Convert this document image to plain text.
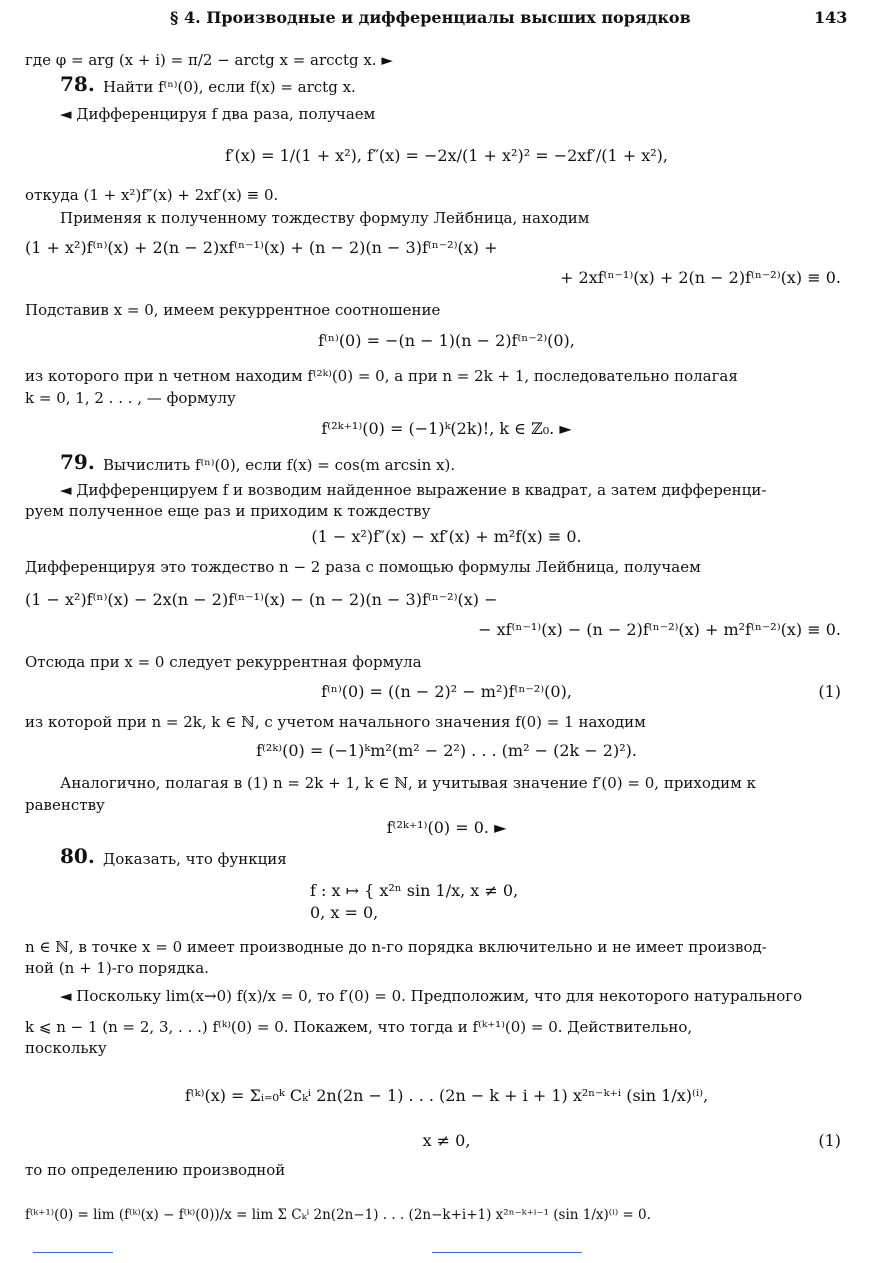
§ 4. Производные и дифференциалы высших порядков	143
где φ = arg (x + i) = π/2 − arctg x = arcctg x. ►
78. Найти f⁽ⁿ⁾(0), если f(x) = arctg x.
◄ Дифференцируя f два раза, получаем
f′(x) = 1/(1 + x²), f″(x) = −2x/(1 + x²)² = −2xf′/(1 + x²),
откуда (1 + x²)f″(x) + 2xf′(x) ≡ 0.
Применяя к полученному тождеству формулу Лейбница, находим
(1 + x²)f⁽ⁿ⁾(x) + 2(n − 2)xf⁽ⁿ⁻¹⁾(x) + (n − 2)(n − 3)f⁽ⁿ⁻²⁾(x) +
+ 2xf⁽ⁿ⁻¹⁾(x) + 2(n − 2)f⁽ⁿ⁻²⁾(x) ≡ 0.
Подставив x = 0, имеем рекуррентное соотношение
f⁽ⁿ⁾(0) = −(n − 1)(n − 2)f⁽ⁿ⁻²⁾(0),
из которого при n четном находим f⁽²ᵏ⁾(0) = 0, а при n = 2k + 1, последовательно полагая
k = 0, 1, 2 . . . , — формулу
f⁽²ᵏ⁺¹⁾(0) = (−1)ᵏ(2k)!, k ∈ ℤ₀. ►
79. Вычислить f⁽ⁿ⁾(0), если f(x) = cos(m arcsin x).
◄ Дифференцируем f и возводим найденное выражение в квадрат, а затем дифференци-
руем полученное еще раз и приходим к тождеству
(1 − x²)f″(x) − xf′(x) + m²f(x) ≡ 0.
Дифференцируя это тождество n − 2 раза с помощью формулы Лейбница, получаем
(1 − x²)f⁽ⁿ⁾(x) − 2x(n − 2)f⁽ⁿ⁻¹⁾(x) − (n − 2)(n − 3)f⁽ⁿ⁻²⁾(x) −
− xf⁽ⁿ⁻¹⁾(x) − (n − 2)f⁽ⁿ⁻²⁾(x) + m²f⁽ⁿ⁻²⁾(x) ≡ 0.
Отсюда при x = 0 следует рекуррентная формула
f⁽ⁿ⁾(0) = ((n − 2)² − m²)f⁽ⁿ⁻²⁾(0),	(1)
из которой при n = 2k, k ∈ ℕ, с учетом начального значения f(0) = 1 находим
f⁽²ᵏ⁾(0) = (−1)ᵏm²(m² − 2²) . . . (m² − (2k − 2)²).
Аналогично, полагая в (1) n = 2k + 1, k ∈ ℕ, и учитывая значение f′(0) = 0, приходим к
равенству
f⁽²ᵏ⁺¹⁾(0) = 0. ►
80. Доказать, что функция
f : x ↦ { x²ⁿ sin 1/x, x ≠ 0,
0, x = 0,
n ∈ ℕ, в точке x = 0 имеет производные до n-го порядка включительно и не имеет производ-
ной (n + 1)-го порядка.
◄ Поскольку lim(x→0) f(x)/x = 0, то f′(0) = 0. Предположим, что для некоторого натурального
k ⩽ n − 1 (n = 2, 3, . . .) f⁽ᵏ⁾(0) = 0. Покажем, что тогда и f⁽ᵏ⁺¹⁾(0) = 0. Действительно,
поскольку
f⁽ᵏ⁾(x) = Σᵢ₌₀ᵏ Cₖⁱ 2n(2n − 1) . . . (2n − k + i + 1) x²ⁿ⁻ᵏ⁺ⁱ (sin 1/x)⁽ⁱ⁾,
x ≠ 0,	(1)
то по определению производной
f⁽ᵏ⁺¹⁾(0) = lim (f⁽ᵏ⁾(x) − f⁽ᵏ⁾(0))/x = lim Σ Cₖⁱ 2n(2n−1) . . . (2n−k+i+1) x²ⁿ⁻ᵏ⁺ⁱ⁻¹ (sin 1/x)⁽ⁱ⁾ = 0.
